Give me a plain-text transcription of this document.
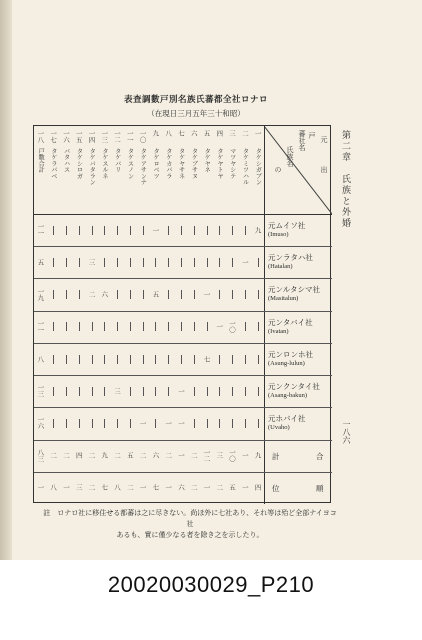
表査調數戸別名族氏蕃都全社ロナロ
（在現日三月五年三十和昭）
第二章　氏族と外婚
一八六
元
戸
蕃社名
氏族名
出
の
一
タケシガブン
二
タケミツハル
三
マツヤシテ
四
タケヤトヤ
五
タケヤネ
六
タケブサヌ
七
タケヤサネ
八
タケカバラ
九
タケロベツ
一〇
タケアサンナ
一一
タケスノン
一二
タケバリ
一三
タケスルネ
一四
タケバタラン
一五
タケシロガ
一六
バタハス
一七
タケラバベ
一八
戸數合計
元ムイソ社
(Imuso)
九
一
一一
元ンラタハ社
(Hatalan)
一
三
五
元ンルタシマ社
(Masitalun)
一
五
六
二
一九
元ンタバイ社
(Ivatan)
一〇
一
一一
元ンロンホ社
(Asung-lulun)
七
八
元ンクンタイ社
(Asang-bakun)
一
三
一三
元ホバイ社
(Uvaho)
一
一
一
一六
計	合
九
一
一〇
三
一二
二
一
二
六
二
五
二
九
二
四
二
二
八三
位	順
四
一
五
二
一
二
六
一
七
一
二
八
七
二
三
一
八
一
註　ロナロ社に移住せる都蕃は之に尽きない。尚ほ外に七社あり、それ等は殆ど全部ナイヨコ社
あるも、實に僅少なる者を除き之を示したり。
20020030029_P210
